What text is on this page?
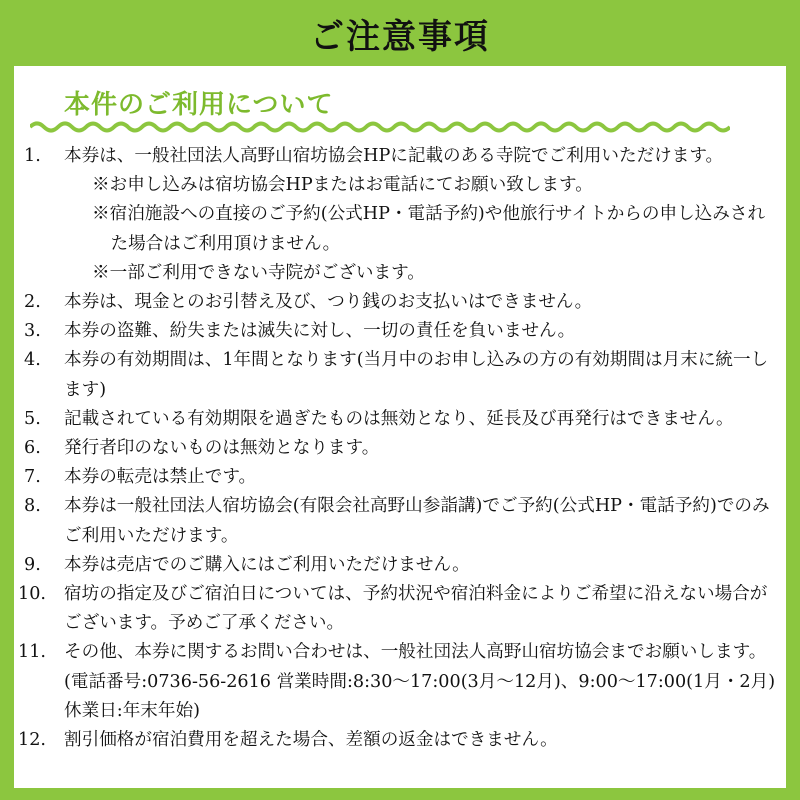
ご注意事項
本件のご利用について
1.	本券は、一般社団法人高野山宿坊協会HPに記載のある寺院でご利用いただけます。
※お申し込みは宿坊協会HPまたはお電話にてお願い致します。
※宿泊施設への直接のご予約(公式HP・電話予約)や他旅行サイトからの申し込みされた場合はご利用頂けません。
※一部ご利用できない寺院がございます。
2.	本券は、現金とのお引替え及び、つり銭のお支払いはできません。
3.	本券の盗難、紛失または滅失に対し、一切の責任を負いません。
4.	本券の有効期間は、1年間となります(当月中のお申し込みの方の有効期間は月末に統一します)
5.	記載されている有効期限を過ぎたものは無効となり、延長及び再発行はできません。
6.	発行者印のないものは無効となります。
7.	本券の転売は禁止です。
8.	本券は一般社団法人宿坊協会(有限会社高野山参詣講)でご予約(公式HP・電話予約)でのみご利用いただけます。
9.	本券は売店でのご購入にはご利用いただけません。
10.	宿坊の指定及びご宿泊日については、予約状況や宿泊料金によりご希望に沿えない場合がございます。予めご了承ください。
11.	その他、本券に関するお問い合わせは、一般社団法人高野山宿坊協会までお願いします。(電話番号:0736-56-2616 営業時間:8:30〜17:00(3月〜12月)、9:00〜17:00(1月・2月) 休業日:年末年始)
12.	割引価格が宿泊費用を超えた場合、差額の返金はできません。
